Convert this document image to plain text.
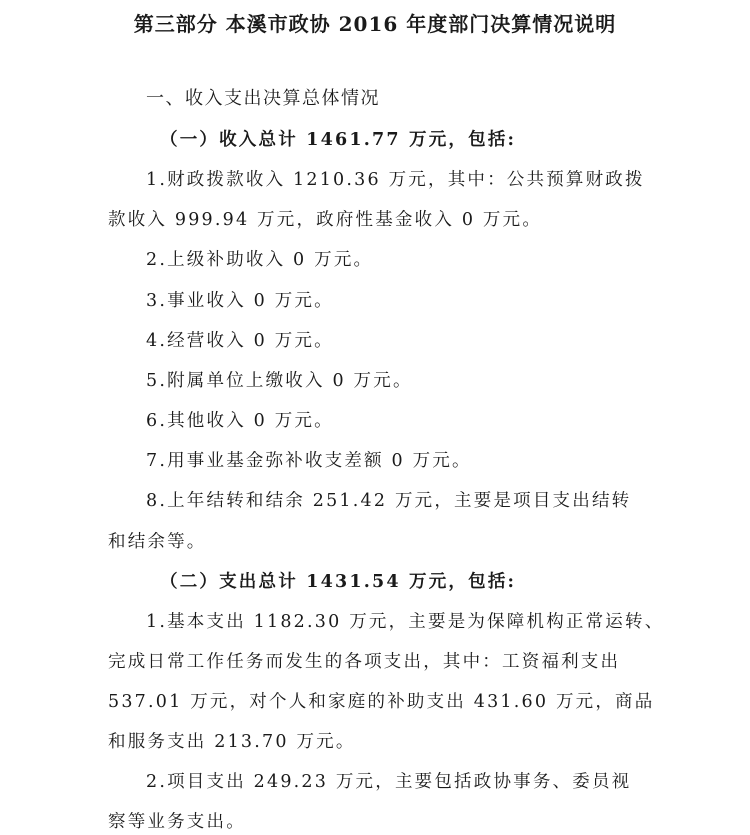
第三部分 本溪市政协 2016 年度部门决算情况说明
一、收入支出决算总体情况
（一）收入总计 1461.77 万元，包括:
1.财政拨款收入 1210.36 万元，其中：公共预算财政拨
款收入 999.94 万元，政府性基金收入 0 万元。
2.上级补助收入 0 万元。
3.事业收入 0 万元。
4.经营收入 0 万元。
5.附属单位上缴收入 0 万元。
6.其他收入 0 万元。
7.用事业基金弥补收支差额 0 万元。
8.上年结转和结余 251.42 万元，主要是项目支出结转
和结余等。
（二）支出总计 1431.54 万元，包括:
1.基本支出 1182.30 万元，主要是为保障机构正常运转、
完成日常工作任务而发生的各项支出，其中：工资福利支出
537.01 万元，对个人和家庭的补助支出 431.60 万元，商品
和服务支出 213.70 万元。
2.项目支出 249.23 万元，主要包括政协事务、委员视
察等业务支出。
